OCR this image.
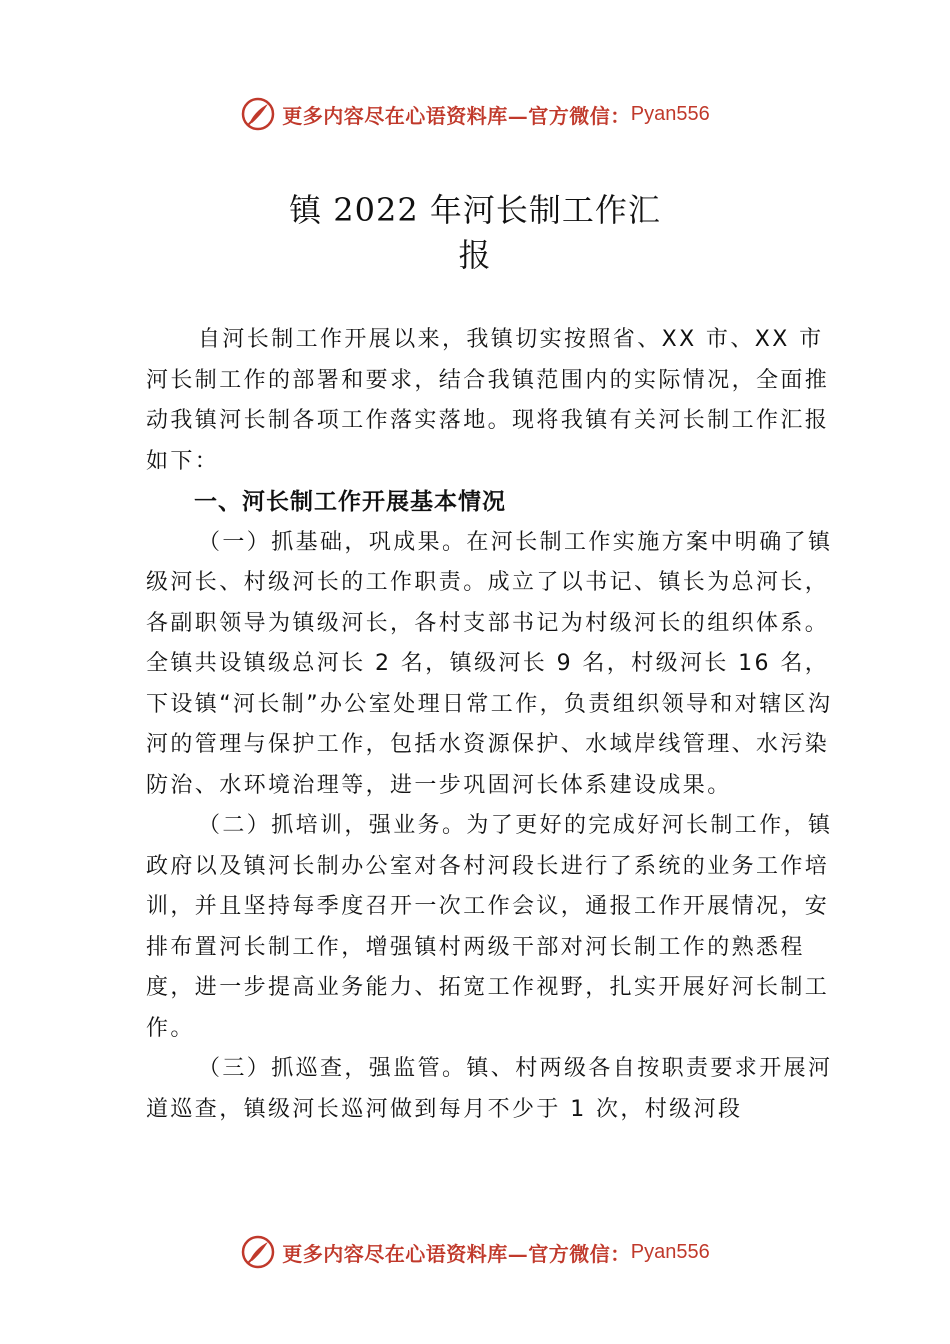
更多内容尽在心语资料库—官方微信： Pyan556
镇 2022 年河长制工作汇
报

自河长制工作开展以来，我镇切实按照省、XX 市、XX 市河长制工作的部署和要求，结合我镇范围内的实际情况，全面推动我镇河长制各项工作落实落地。现将我镇有关河长制工作汇报如下：

一、河长制工作开展基本情况

（一）抓基础，巩成果。在河长制工作实施方案中明确了镇级河长、村级河长的工作职责。成立了以书记、镇长为总河长，各副职领导为镇级河长，各村支部书记为村级河长的组织体系。全镇共设镇级总河长 2 名，镇级河长 9 名，村级河长 16 名，下设镇“河长制”办公室处理日常工作，负责组织领导和对辖区沟河的管理与保护工作，包括水资源保护、水域岸线管理、水污染防治、水环境治理等，进一步巩固河长体系建设成果。

（二）抓培训，强业务。为了更好的完成好河长制工作，镇政府以及镇河长制办公室对各村河段长进行了系统的业务工作培训，并且坚持每季度召开一次工作会议，通报工作开展情况，安排布置河长制工作，增强镇村两级干部对河长制工作的熟悉程度，进一步提高业务能力、拓宽工作视野，扎实开展好河长制工作。

（三）抓巡查，强监管。镇、村两级各自按职责要求开展河道巡查，镇级河长巡河做到每月不少于 1 次，村级河段

更多内容尽在心语资料库—官方微信： Pyan556
